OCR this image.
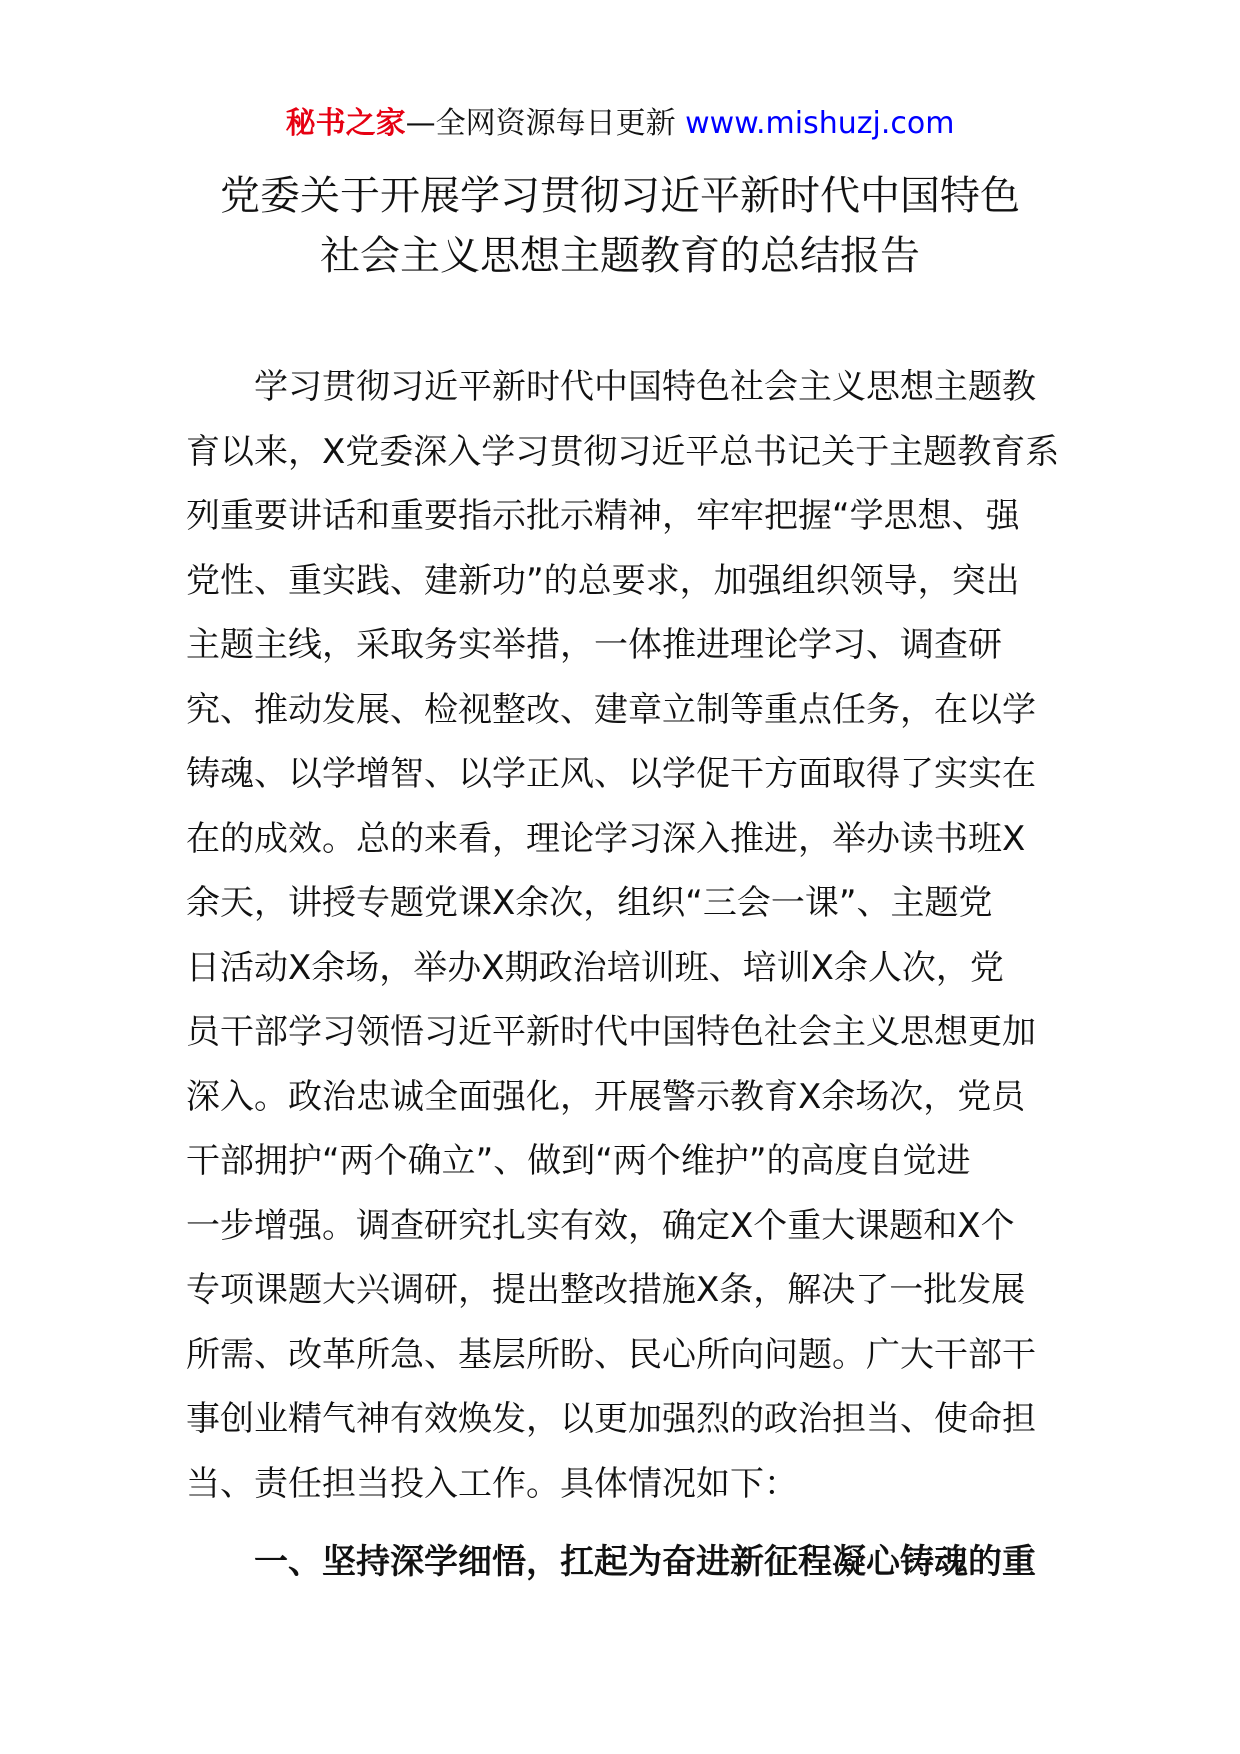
秘书之家—全网资源每日更新 www.mishuzj.com
党委关于开展学习贯彻习近平新时代中国特色
社会主义思想主题教育的总结报告
学习贯彻习近平新时代中国特色社会主义思想主题教
育以来，X党委深入学习贯彻习近平总书记关于主题教育系
列重要讲话和重要指示批示精神，牢牢把握“学思想、强
党性、重实践、建新功”的总要求，加强组织领导，突出
主题主线，采取务实举措，一体推进理论学习、调查研
究、推动发展、检视整改、建章立制等重点任务，在以学
铸魂、以学增智、以学正风、以学促干方面取得了实实在
在的成效。总的来看，理论学习深入推进，举办读书班X
余天，讲授专题党课X余次，组织“三会一课”、主题党
日活动X余场，举办X期政治培训班、培训X余人次，党
员干部学习领悟习近平新时代中国特色社会主义思想更加
深入。政治忠诚全面强化，开展警示教育X余场次，党员
干部拥护“两个确立”、做到“两个维护”的高度自觉进
一步增强。调查研究扎实有效，确定X个重大课题和X个
专项课题大兴调研，提出整改措施X条，解决了一批发展
所需、改革所急、基层所盼、民心所向问题。广大干部干
事创业精气神有效焕发，以更加强烈的政治担当、使命担
当、责任担当投入工作。具体情况如下：
一、坚持深学细悟，扛起为奋进新征程凝心铸魂的重
